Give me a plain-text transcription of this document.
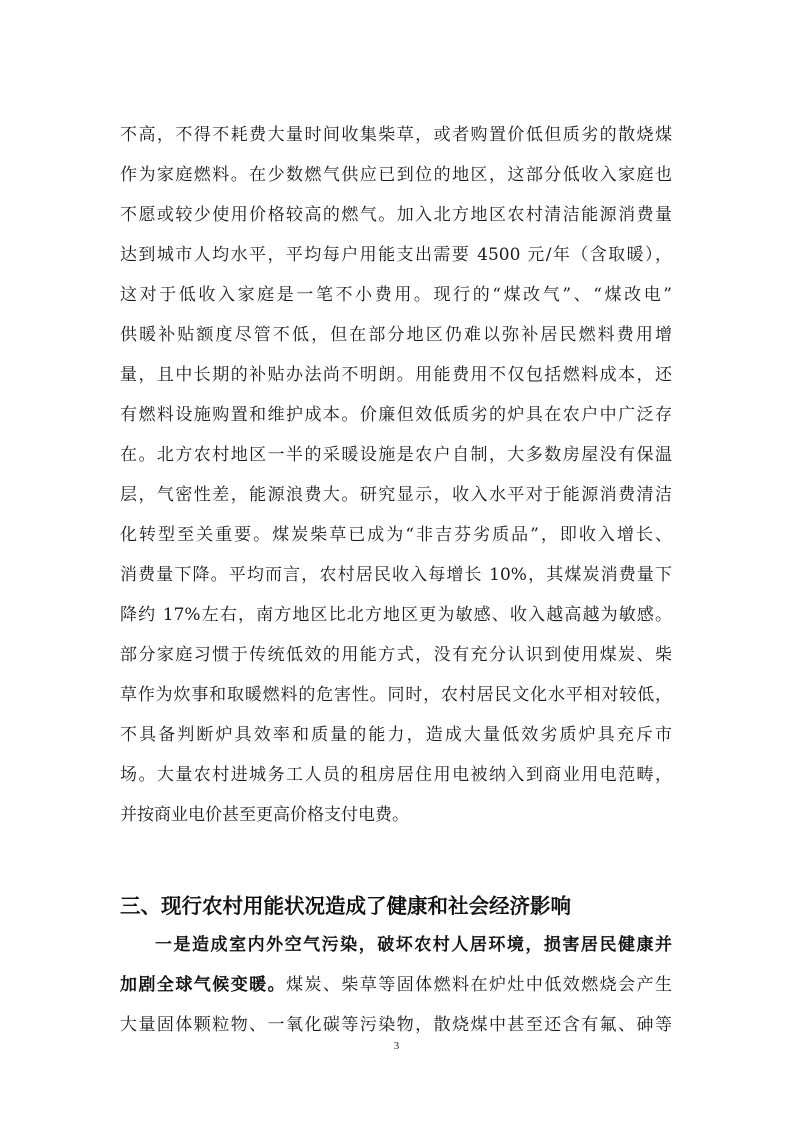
不高，不得不耗费大量时间收集柴草，或者购置价低但质劣的散烧煤

作为家庭燃料。在少数燃气供应已到位的地区，这部分低收入家庭也

不愿或较少使用价格较高的燃气。加入北方地区农村清洁能源消费量

达到城市人均水平，平均每户用能支出需要 4500 元/年（含取暖），

这对于低收入家庭是一笔不小费用。现行的“煤改气”、“煤改电”

供暖补贴额度尽管不低，但在部分地区仍难以弥补居民燃料费用增

量，且中长期的补贴办法尚不明朗。用能费用不仅包括燃料成本，还

有燃料设施购置和维护成本。价廉但效低质劣的炉具在农户中广泛存

在。北方农村地区一半的采暖设施是农户自制，大多数房屋没有保温

层，气密性差，能源浪费大。研究显示，收入水平对于能源消费清洁

化转型至关重要。煤炭柴草已成为“非吉芬劣质品”，即收入增长、

消费量下降。平均而言，农村居民收入每增长 10%，其煤炭消费量下

降约 17%左右，南方地区比北方地区更为敏感、收入越高越为敏感。

部分家庭习惯于传统低效的用能方式，没有充分认识到使用煤炭、柴

草作为炊事和取暖燃料的危害性。同时，农村居民文化水平相对较低，

不具备判断炉具效率和质量的能力，造成大量低效劣质炉具充斥市

场。大量农村进城务工人员的租房居住用电被纳入到商业用电范畴，

并按商业电价甚至更高价格支付电费。

三、现行农村用能状况造成了健康和社会经济影响

一是造成室内外空气污染，破坏农村人居环境，损害居民健康并

加剧全球气候变暖。煤炭、柴草等固体燃料在炉灶中低效燃烧会产生

大量固体颗粒物、一氧化碳等污染物，散烧煤中甚至还含有氟、砷等

3
